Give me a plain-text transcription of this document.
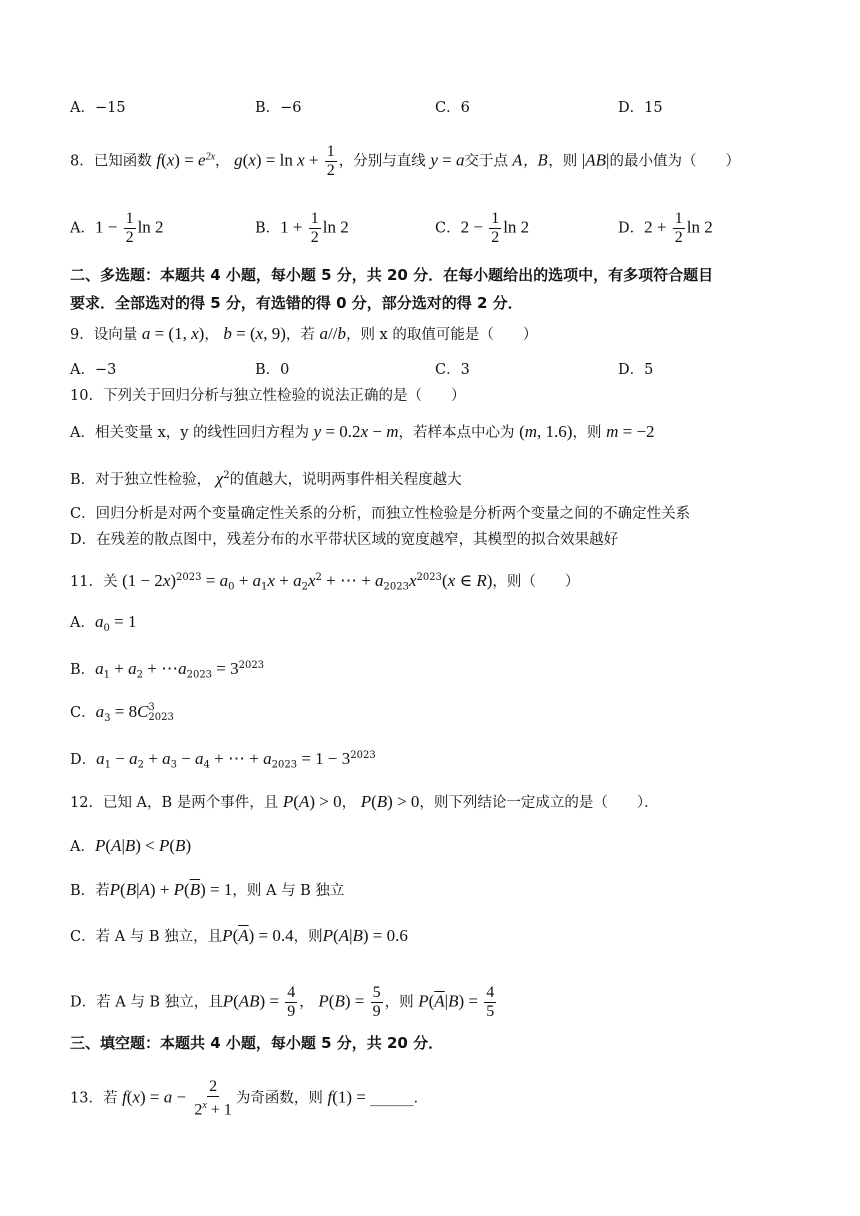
A．−15	B．−6	C．6	D．15
8．已知函数 $f(x) = e^{2x}$， $g(x) = \ln x + \frac{1}{2}$ ，分别与直线 y = a交于点 A，B，则 |AB|的最小值为（　　）
A．$1 - \frac{1}{2}$ ln 2	B．$1 + \frac{1}{2}$ ln 2	C．$2 - \frac{1}{2}$ ln 2	D．$2 + \frac{1}{2}$ ln 2
二、多选题：本题共 4 小题，每小题 5 分，共 20 分．在每小题给出的选项中，有多项符合题目
要求．全部选对的得 5 分，有选错的得 0 分，部分选对的得 2 分．
9．设向量 a = (1, x)， b = (x, 9)，若 a//b，则 x 的取值可能是（　　）
A．−3	B．0	C．3	D．5
10．下列关于回归分析与独立性检验的说法正确的是（　　）
A．相关变量 x，y 的线性回归方程为 y = 0.2x − m，若样本点中心为 (m, 1.6)，则 m = −2
B．对于独立性检验， $\chi^2$的值越大，说明两事件相关程度越大
C．回归分析是对两个变量确定性关系的分析，而独立性检验是分析两个变量之间的不确定性关系
D．在残差的散点图中，残差分布的水平带状区域的宽度越窄，其模型的拟合效果越好
11．关 $(1 - 2x)^{2023} = a_0 + a_1x + a_2x^2$ + ⋯ + $a_{2023}x^{2023}(x$ ∈ R)，则（　　）
A．$a_0 = 1$
B．$a_1 + a_2$ + $\cdots a_{2023} = 3^{2023}$
C．$a_3 = 8C$ 3
2023
D．$a_1 - a_2 + a_3 - a_4$ + ⋯ + $a_{2023} = 1 - 3^{2023}$
12．已知 A，B 是两个事件，且 P(A) > 0， P(B) > 0，则下列结论一定成立的是（　　）．
A．P(A|B) < P(B)
B．若$P(B|A) + P(\overline{B}) = 1$，则 A 与 B 独立
C．若 A 与 B 独立，且$P(\overline{A}) = 0.4$，则P(A|B) = 0.6
D．若 A 与 B 独立，且$P(AB) = \frac{4}{9}$ ， $P(B) = \frac{5}{9}$ ，则 $P(\overline{A}|B) = \frac{4}{5}$
三、填空题：本题共 4 小题，每小题 5 分，共 20 分．
13．若 $f(x) = a - \frac{2}{2^x + 1}$ 为奇函数，则 f(1) = ______．
